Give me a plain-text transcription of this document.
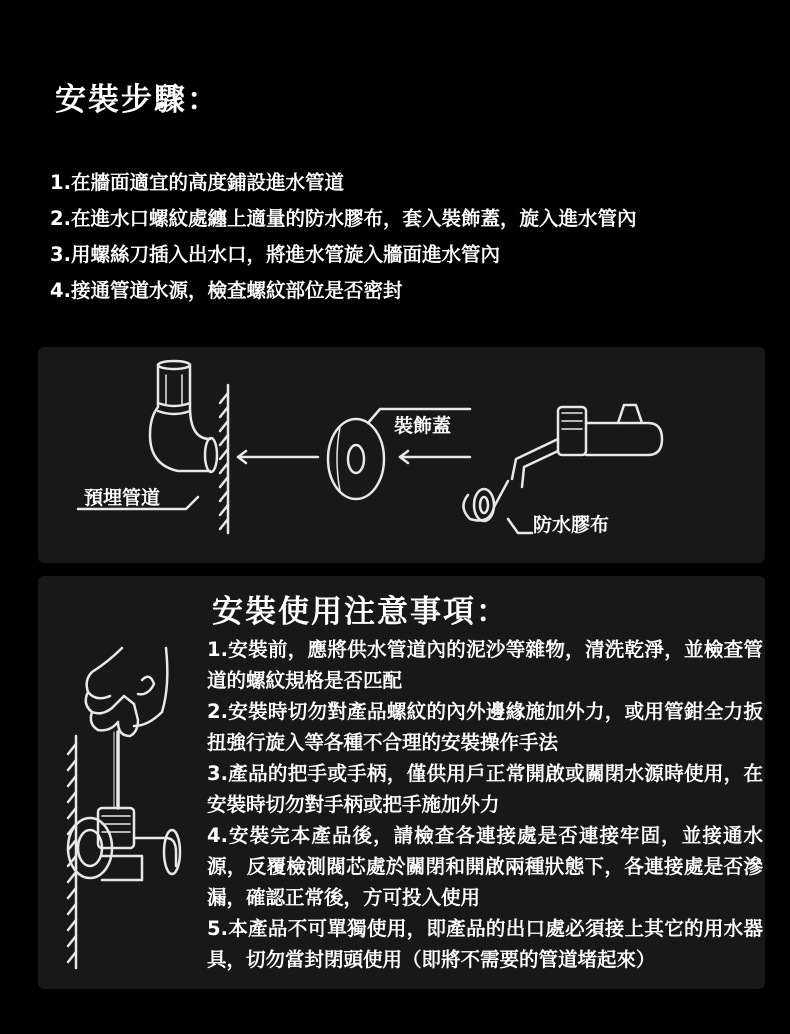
安裝步驟：
1.在牆面適宜的高度鋪設進水管道
2.在進水口螺紋處纏上適量的防水膠布，套入裝飾蓋，旋入進水管內
3.用螺絲刀插入出水口，將進水管旋入牆面進水管內
4.接通管道水源，檢查螺紋部位是否密封
預埋管道
裝飾蓋
防水膠布
安裝使用注意事項：
1.安裝前，應將供水管道內的泥沙等雜物，清洗乾淨，並檢查管道的螺紋規格是否匹配
2.安裝時切勿對產品螺紋的內外邊緣施加外力，或用管鉗全力扳扭強行旋入等各種不合理的安裝操作手法
3.產品的把手或手柄，僅供用戶正常開啟或關閉水源時使用，在安裝時切勿對手柄或把手施加外力
4.安裝完本產品後，請檢查各連接處是否連接牢固，並接通水源，反覆檢測閥芯處於關閉和開啟兩種狀態下，各連接處是否滲漏，確認正常後，方可投入使用
5.本產品不可單獨使用，即產品的出口處必須接上其它的用水器具，切勿當封閉頭使用（即將不需要的管道堵起來）
